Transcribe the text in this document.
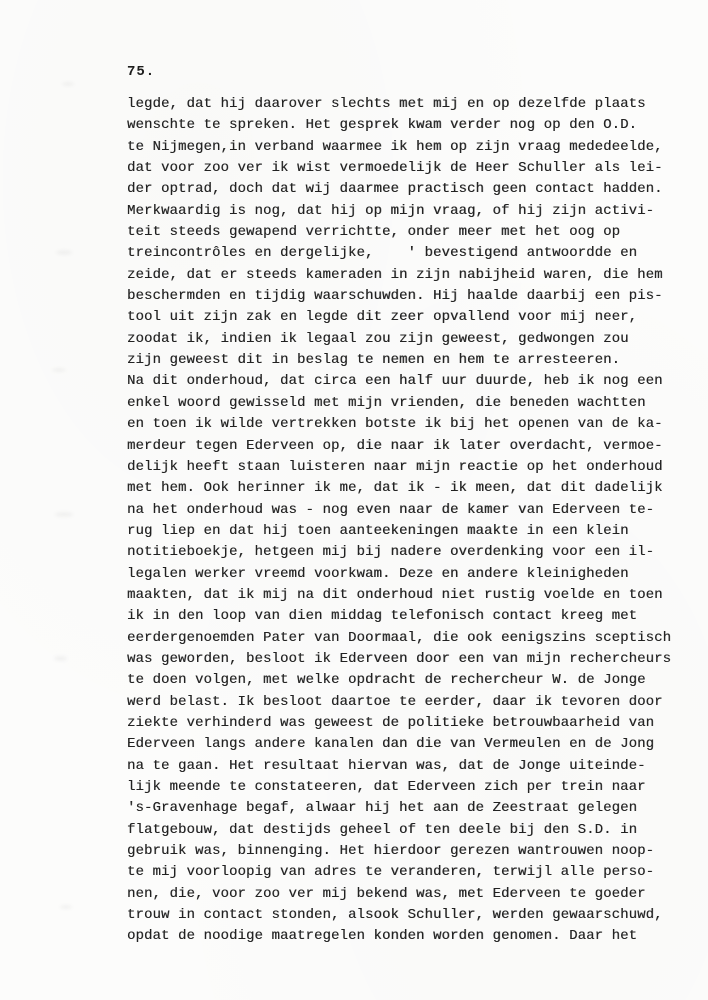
75.
legde, dat hij daarover slechts met mij en op dezelfde plaats
wenschte te spreken. Het gesprek kwam verder nog op den O.D.
te Nijmegen,in verband waarmee ik hem op zijn vraag mededeelde,
dat voor zoo ver ik wist vermoedelijk de Heer Schuller als lei-
der optrad, doch dat wij daarmee practisch geen contact hadden.
Merkwaardig is nog, dat hij op mijn vraag, of hij zijn activi-
teit steeds gewapend verrichtte, onder meer met het oog op
treincontrôles en dergelijke,    ' bevestigend antwoordde en
zeide, dat er steeds kameraden in zijn nabijheid waren, die hem
beschermden en tijdig waarschuwden. Hij haalde daarbij een pis-
tool uit zijn zak en legde dit zeer opvallend voor mij neer,
zoodat ik, indien ik legaal zou zijn geweest, gedwongen zou
zijn geweest dit in beslag te nemen en hem te arresteeren.
Na dit onderhoud, dat circa een half uur duurde, heb ik nog een
enkel woord gewisseld met mijn vrienden, die beneden wachtten
en toen ik wilde vertrekken botste ik bij het openen van de ka-
merdeur tegen Ederveen op, die naar ik later overdacht, vermoe-
delijk heeft staan luisteren naar mijn reactie op het onderhoud
met hem. Ook herinner ik me, dat ik - ik meen, dat dit dadelijk
na het onderhoud was - nog even naar de kamer van Ederveen te-
rug liep en dat hij toen aanteekeningen maakte in een klein
notitieboekje, hetgeen mij bij nadere overdenking voor een il-
legalen werker vreemd voorkwam. Deze en andere kleinigheden
maakten, dat ik mij na dit onderhoud niet rustig voelde en toen
ik in den loop van dien middag telefonisch contact kreeg met
eerdergenoemden Pater van Doormaal, die ook eenigszins sceptisch
was geworden, besloot ik Ederveen door een van mijn rechercheurs
te doen volgen, met welke opdracht de rechercheur W. de Jonge
werd belast. Ik besloot daartoe te eerder, daar ik tevoren door
ziekte verhinderd was geweest de politieke betrouwbaarheid van
Ederveen langs andere kanalen dan die van Vermeulen en de Jong
na te gaan. Het resultaat hiervan was, dat de Jonge uiteinde-
lijk meende te constateeren, dat Ederveen zich per trein naar
's-Gravenhage begaf, alwaar hij het aan de Zeestraat gelegen
flatgebouw, dat destijds geheel of ten deele bij den S.D. in
gebruik was, binnenging. Het hierdoor gerezen wantrouwen noop-
te mij voorloopig van adres te veranderen, terwijl alle perso-
nen, die, voor zoo ver mij bekend was, met Ederveen te goeder
trouw in contact stonden, alsook Schuller, werden gewaarschuwd,
opdat de noodige maatregelen konden worden genomen. Daar het
